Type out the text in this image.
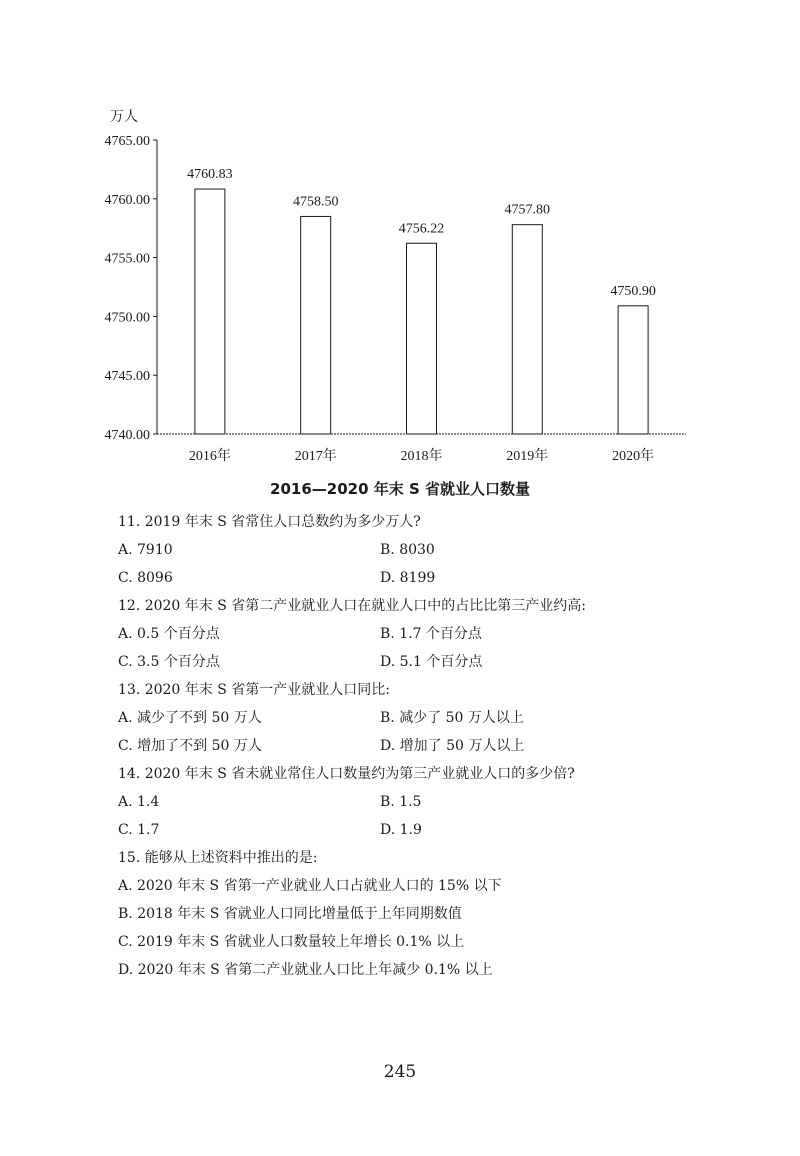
万人
4740.00
4745.00
4750.00
4755.00
4760.00
4765.00
4760.83
2016年
4758.50
2017年
4756.22
2018年
4757.80
2019年
4750.90
2020年
2016—2020 年末 S 省就业人口数量
11. 2019 年末 S 省常住人口总数约为多少万人?
A. 7910	B. 8030
C. 8096	D. 8199
12. 2020 年末 S 省第二产业就业人口在就业人口中的占比比第三产业约高:
A. 0.5 个百分点	B. 1.7 个百分点
C. 3.5 个百分点	D. 5.1 个百分点
13. 2020 年末 S 省第一产业就业人口同比:
A. 减少了不到 50 万人	B. 减少了 50 万人以上
C. 增加了不到 50 万人	D. 增加了 50 万人以上
14. 2020 年末 S 省未就业常住人口数量约为第三产业就业人口的多少倍?
A. 1.4	B. 1.5
C. 1.7	D. 1.9
15. 能够从上述资料中推出的是:
A. 2020 年末 S 省第一产业就业人口占就业人口的 15% 以下
B. 2018 年末 S 省就业人口同比增量低于上年同期数值
C. 2019 年末 S 省就业人口数量较上年增长 0.1% 以上
D. 2020 年末 S 省第二产业就业人口比上年减少 0.1% 以上
245
